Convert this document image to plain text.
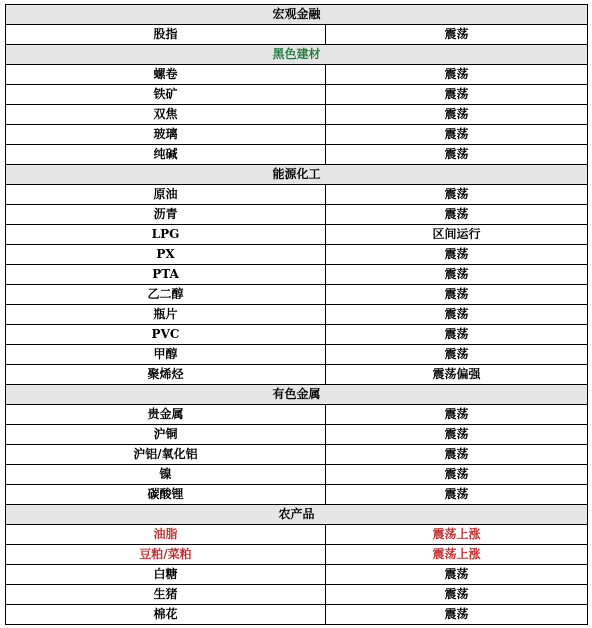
宏观金融	
股指	震荡
黑色建材	
螺卷	震荡
铁矿	震荡
双焦	震荡
玻璃	震荡
纯碱	震荡
能源化工	
原油	震荡
沥青	震荡
LPG	区间运行
PX	震荡
PTA	震荡
乙二醇	震荡
瓶片	震荡
PVC	震荡
甲醇	震荡
聚烯烃	震荡偏强
有色金属	
贵金属	震荡
沪铜	震荡
沪铝/氧化铝	震荡
镍	震荡
碳酸锂	震荡
农产品	
油脂	震荡上涨
豆粕/菜粕	震荡上涨
白糖	震荡
生猪	震荡
棉花	震荡
